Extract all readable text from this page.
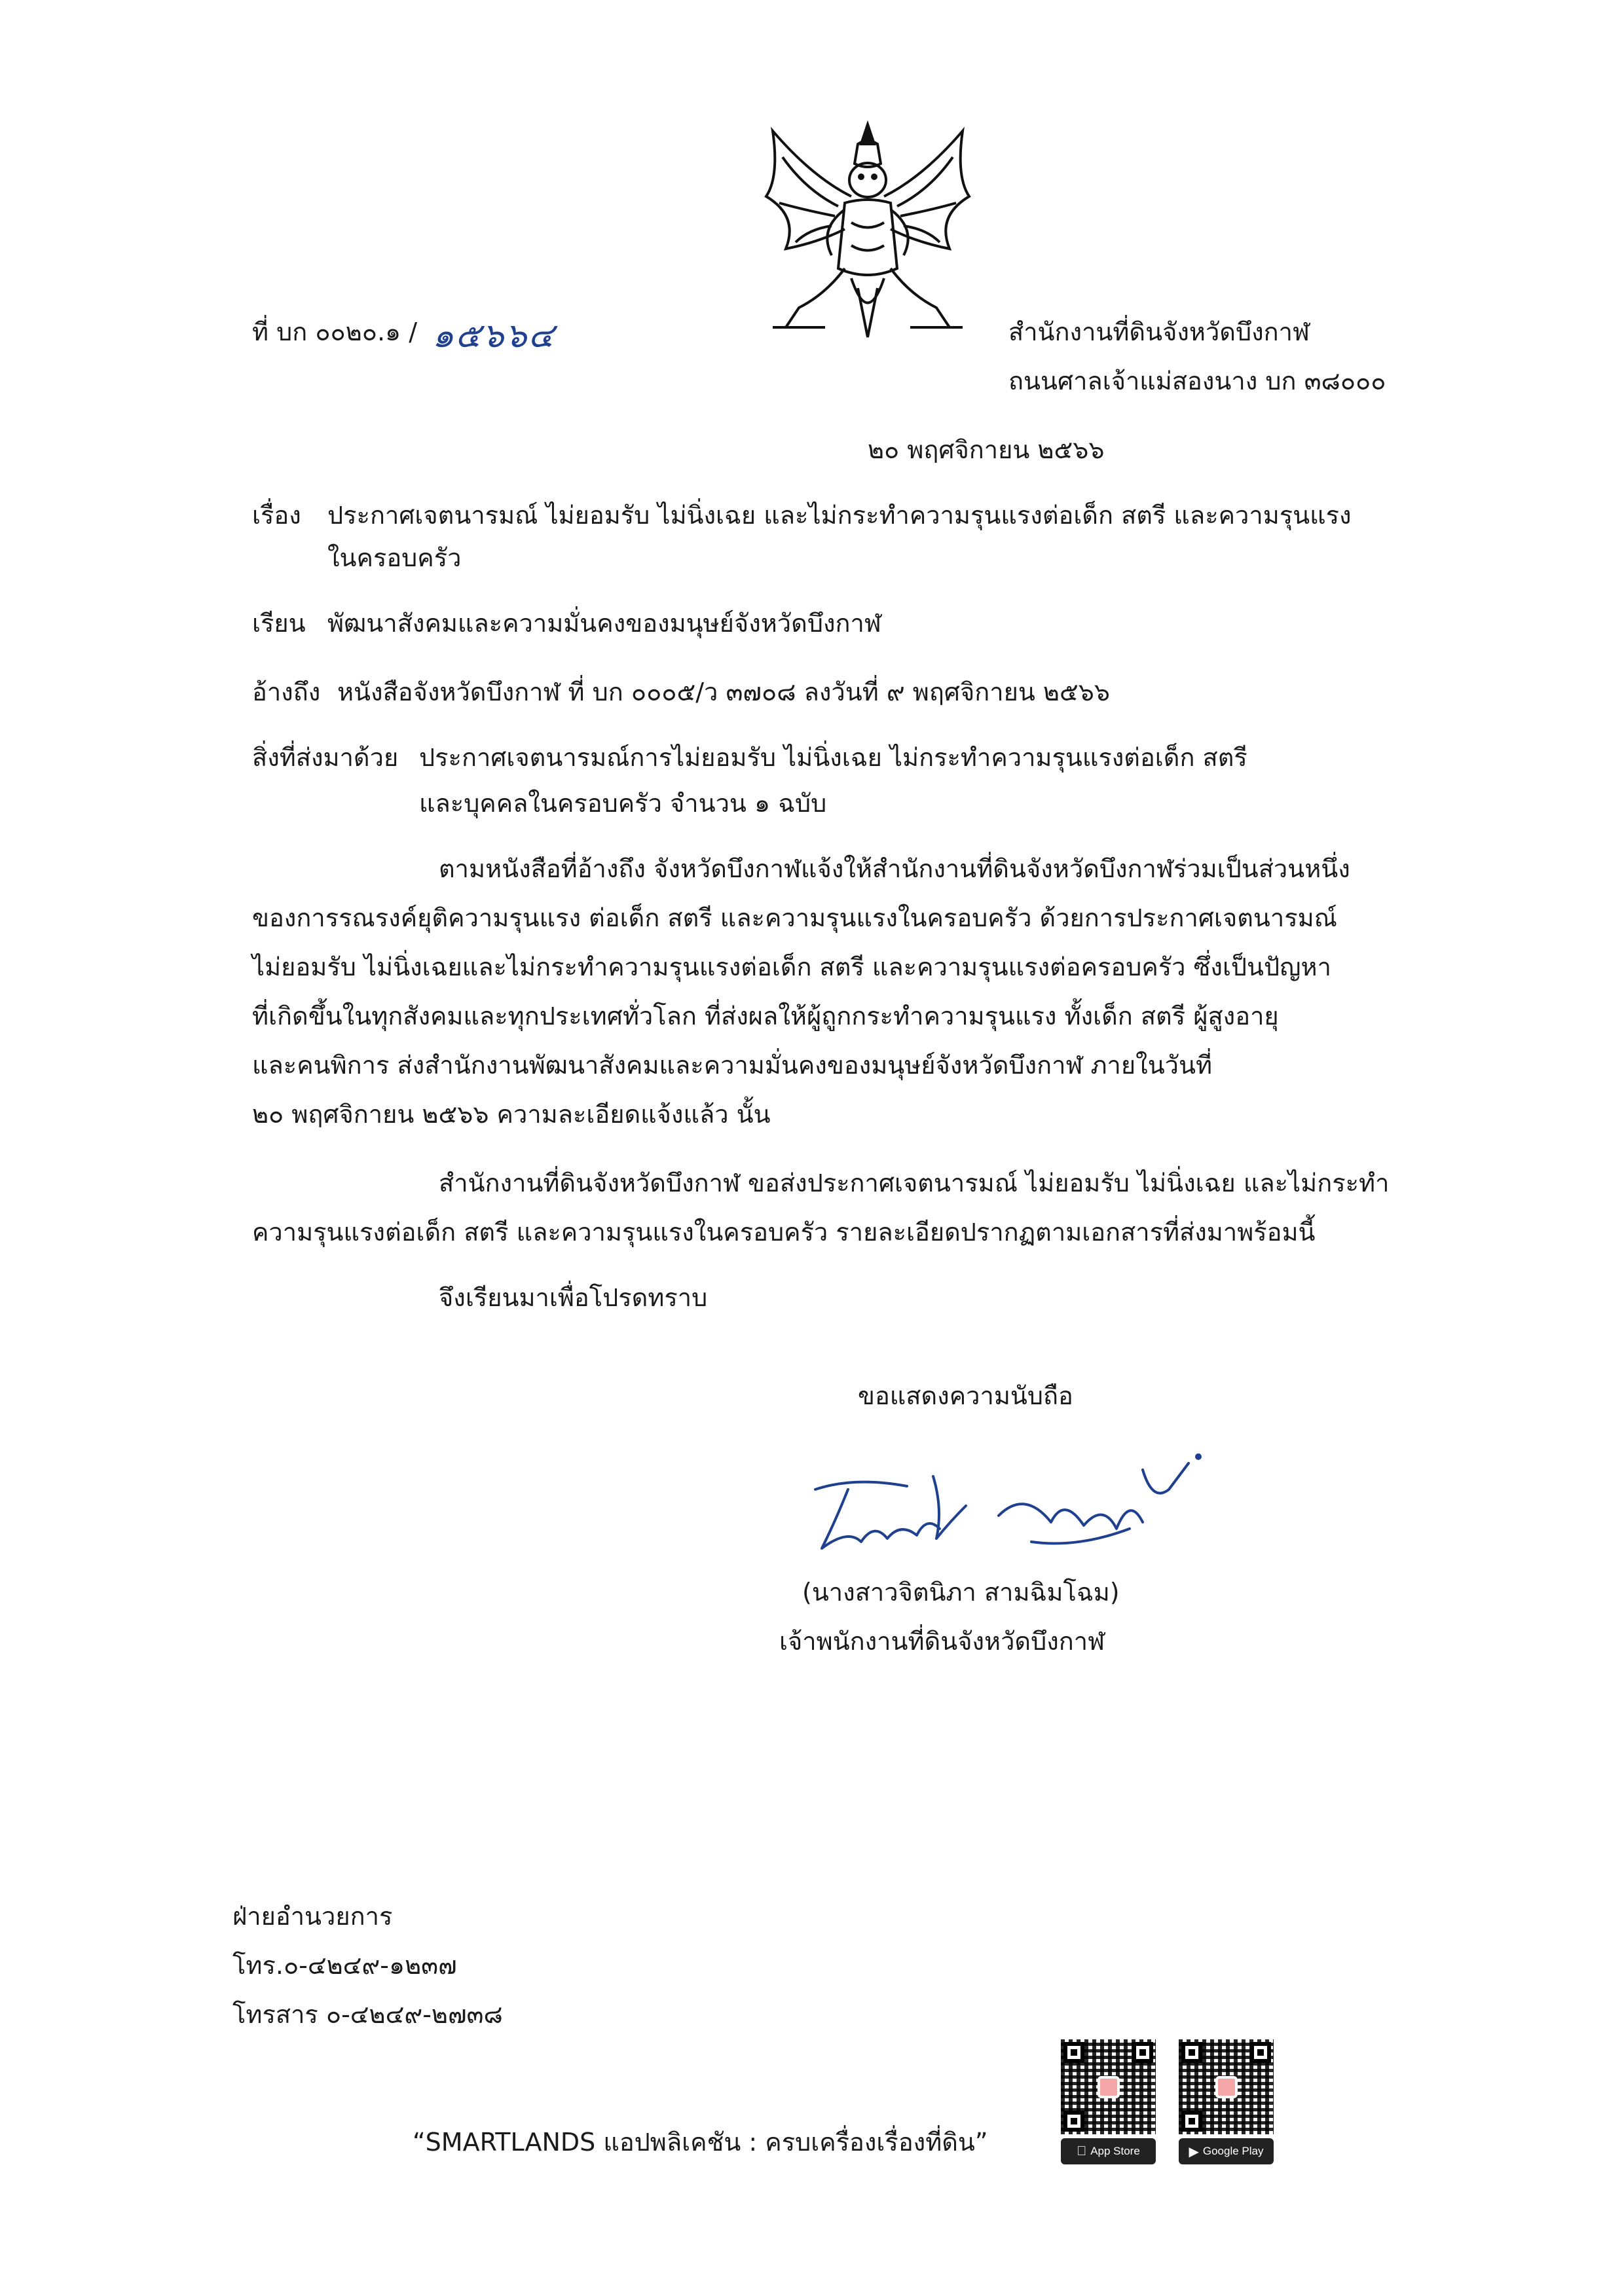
ที่ บก ๐๐๒๐.๑ / ๑๕๖๖๔	สำนักงานที่ดินจังหวัดบึงกาฬ
ถนนศาลเจ้าแม่สองนาง บก ๓๘๐๐๐
๒๐ พฤศจิกายน ๒๕๖๖
เรื่อง ประกาศเจตนารมณ์ ไม่ยอมรับ ไม่นิ่งเฉย และไม่กระทำความรุนแรงต่อเด็ก สตรี และความรุนแรง
ในครอบครัว
เรียน พัฒนาสังคมและความมั่นคงของมนุษย์จังหวัดบึงกาฬ
อ้างถึง หนังสือจังหวัดบึงกาฬ ที่ บก ๐๐๐๕/ว ๓๗๐๘ ลงวันที่ ๙ พฤศจิกายน ๒๕๖๖
สิ่งที่ส่งมาด้วย ประกาศเจตนารมณ์การไม่ยอมรับ ไม่นิ่งเฉย ไม่กระทำความรุนแรงต่อเด็ก สตรี
และบุคคลในครอบครัว จำนวน ๑ ฉบับ
ตามหนังสือที่อ้างถึง จังหวัดบึงกาฬแจ้งให้สำนักงานที่ดินจังหวัดบึงกาฬร่วมเป็นส่วนหนึ่ง
ของการรณรงค์ยุติความรุนแรง ต่อเด็ก สตรี และความรุนแรงในครอบครัว ด้วยการประกาศเจตนารมณ์
ไม่ยอมรับ ไม่นิ่งเฉยและไม่กระทำความรุนแรงต่อเด็ก สตรี และความรุนแรงต่อครอบครัว ซึ่งเป็นปัญหา
ที่เกิดขึ้นในทุกสังคมและทุกประเทศทั่วโลก ที่ส่งผลให้ผู้ถูกกระทำความรุนแรง ทั้งเด็ก สตรี ผู้สูงอายุ
และคนพิการ ส่งสำนักงานพัฒนาสังคมและความมั่นคงของมนุษย์จังหวัดบึงกาฬ ภายในวันที่
๒๐ พฤศจิกายน ๒๕๖๖ ความละเอียดแจ้งแล้ว นั้น
สำนักงานที่ดินจังหวัดบึงกาฬ ขอส่งประกาศเจตนารมณ์ ไม่ยอมรับ ไม่นิ่งเฉย และไม่กระทำ
ความรุนแรงต่อเด็ก สตรี และความรุนแรงในครอบครัว รายละเอียดปรากฏตามเอกสารที่ส่งมาพร้อมนี้
จึงเรียนมาเพื่อโปรดทราบ
ขอแสดงความนับถือ
(นางสาวจิตนิภา สามฉิมโฉม)
เจ้าพนักงานที่ดินจังหวัดบึงกาฬ
ฝ่ายอำนวยการ
โทร.๐-๔๒๔๙-๑๒๓๗
โทรสาร ๐-๔๒๔๙-๒๗๓๘
“SMARTLANDS แอปพลิเคชัน : ครบเครื่องเรื่องที่ดิน”	App Store	▶ Google Play
